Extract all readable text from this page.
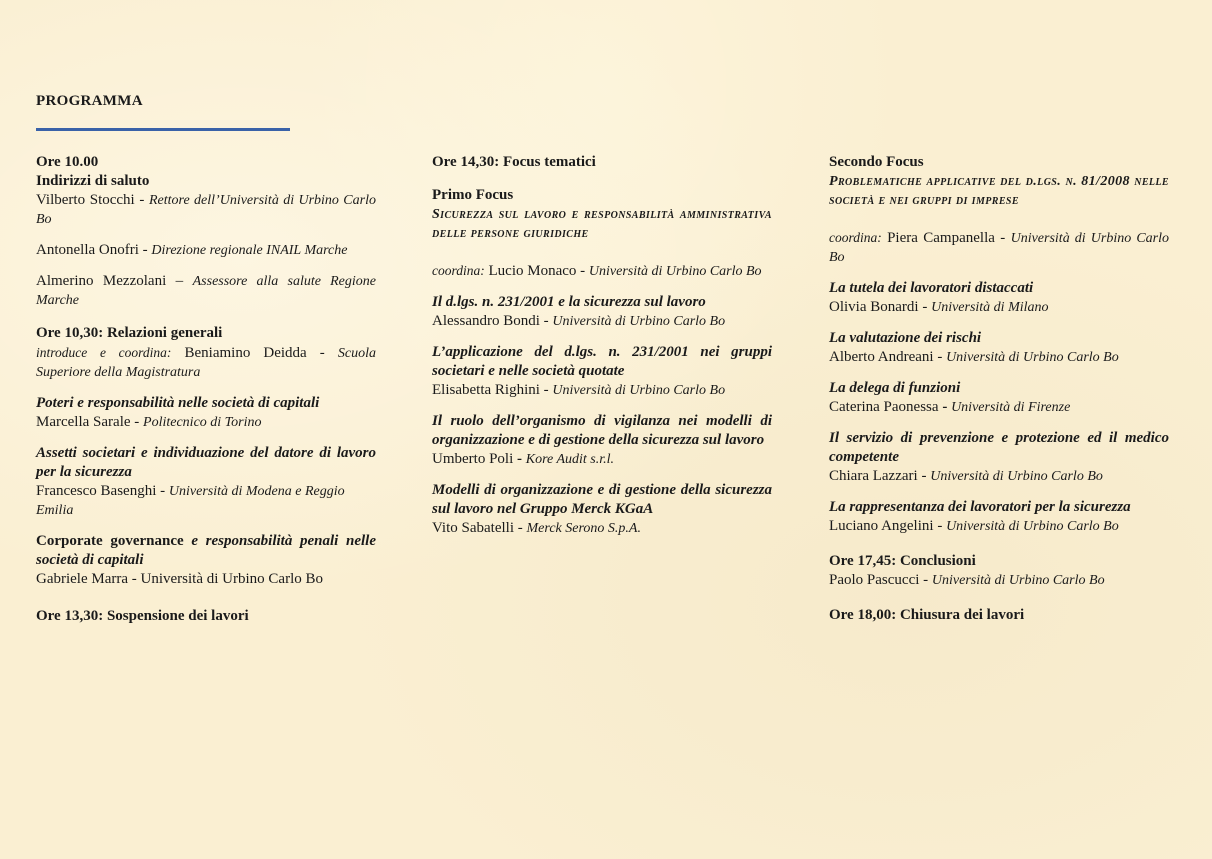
PROGRAMMA

Ore 10.00

Indirizzi di saluto

Vilberto Stocchi - Rettore dell’Università di Urbino Carlo Bo

Antonella Onofri - Direzione regionale INAIL Marche

Almerino Mezzolani – Assessore alla salute Regione Marche

Ore 10,30: Relazioni generali

introduce e coordina: Beniamino Deidda - Scuola Superiore della Magistratura

Poteri e responsabilità nelle società di capitali

Marcella Sarale - Politecnico di Torino

Assetti societari e individuazione del datore di lavoro per la sicurezza

Francesco Basenghi - Università di Modena e Reggio Emilia

Corporate governance e responsabilità penali nelle società di capitali

Gabriele Marra - Università di Urbino Carlo Bo

Ore 13,30: Sospensione dei lavori

Ore 14,30: Focus tematici

Primo Focus

Sicurezza sul lavoro e responsabilità amministrativa delle persone giuridiche

coordina: Lucio Monaco - Università di Urbino Carlo Bo

Il d.lgs. n. 231/2001 e la sicurezza sul lavoro

Alessandro Bondi - Università di Urbino Carlo Bo

L’applicazione del d.lgs. n. 231/2001 nei gruppi societari e nelle società quotate

Elisabetta Righini - Università di Urbino Carlo Bo

Il ruolo dell’organismo di vigilanza nei modelli di organizzazione e di gestione della sicurezza sul lavoro

Umberto Poli - Kore Audit s.r.l.

Modelli di organizzazione e di gestione della sicurezza sul lavoro nel Gruppo Merck KGaA

Vito Sabatelli - Merck Serono S.p.A.

Secondo Focus

Problematiche applicative del d.lgs. n. 81/2008 nelle società e nei gruppi di imprese

coordina: Piera Campanella - Università di Urbino Carlo Bo

La tutela dei lavoratori distaccati

Olivia Bonardi - Università di Milano

La valutazione dei rischi

Alberto Andreani - Università di Urbino Carlo Bo

La delega di funzioni

Caterina Paonessa - Università di Firenze

Il servizio di prevenzione e protezione ed il medico competente

Chiara Lazzari - Università di Urbino Carlo Bo

La rappresentanza dei lavoratori per la sicurezza

Luciano Angelini - Università di Urbino Carlo Bo

Ore 17,45: Conclusioni

Paolo Pascucci - Università di Urbino Carlo Bo

Ore 18,00: Chiusura dei lavori
